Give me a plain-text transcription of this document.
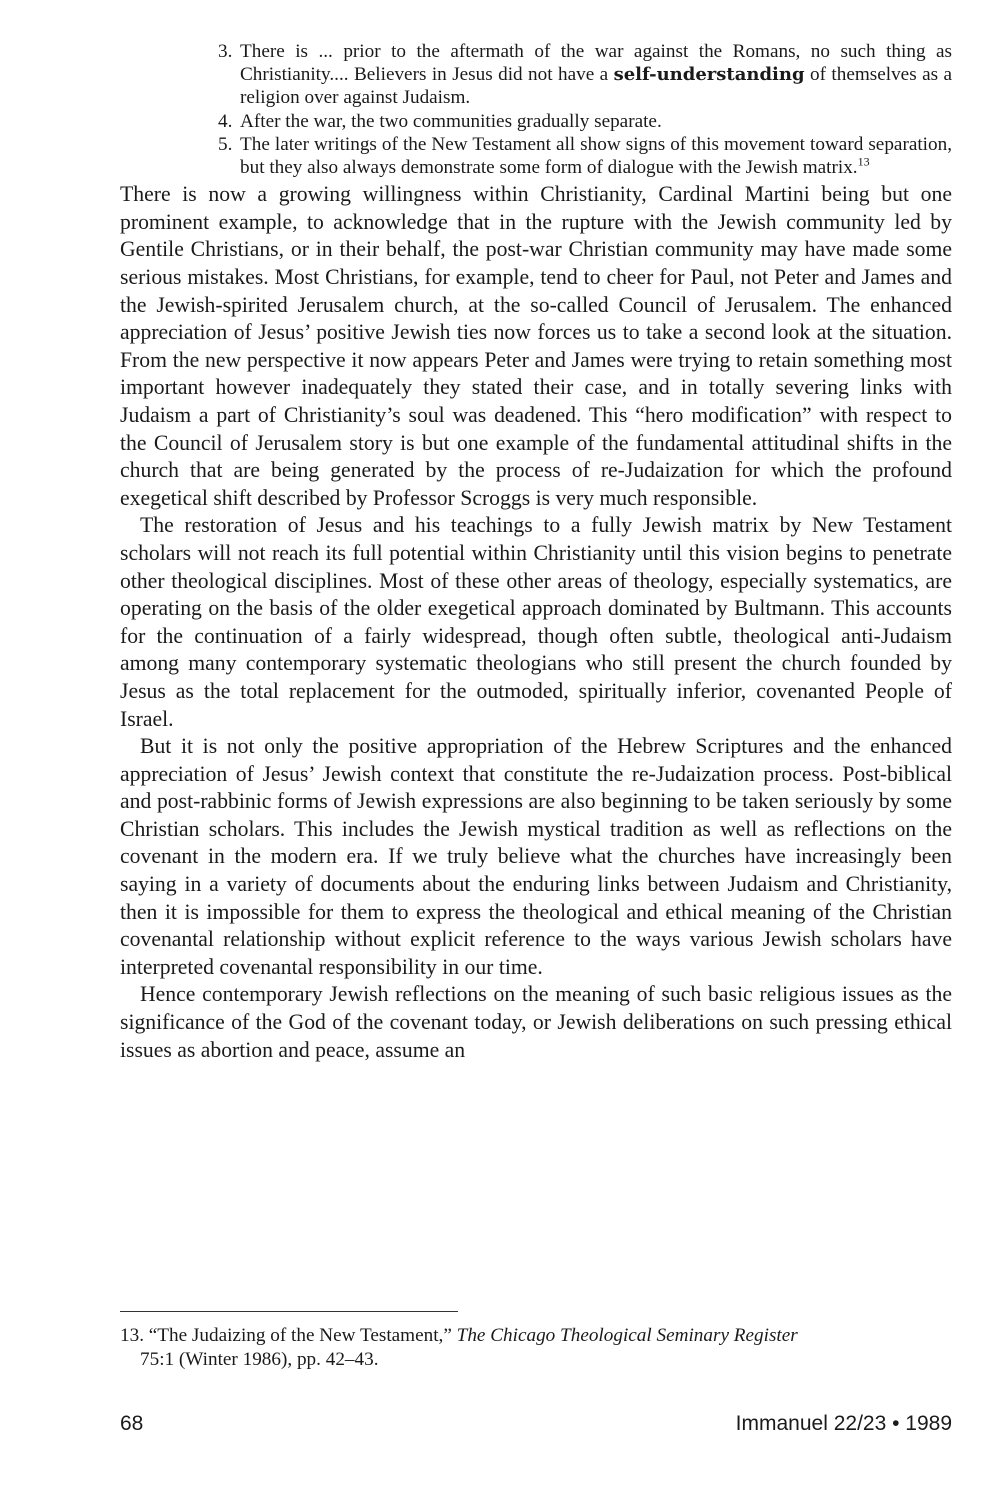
3. There is ... prior to the aftermath of the war against the Romans, no such thing as Christianity.... Believers in Jesus did not have a self-understanding of themselves as a religion over against Judaism.
4. After the war, the two communities gradually separate.
5. The later writings of the New Testament all show signs of this movement toward separation, but they also always demonstrate some form of dialogue with the Jewish matrix.$^{13}$

There is now a growing willingness within Christianity, Cardinal Martini being but one prominent example, to acknowledge that in the rupture with the Jewish community led by Gentile Christians, or in their behalf, the post-war Christian community may have made some serious mistakes. Most Christians, for example, tend to cheer for Paul, not Peter and James and the Jewish-spirited Jerusalem church, at the so-called Council of Jerusalem. The enhanced appreciation of Jesus’ positive Jewish ties now forces us to take a second look at the situation. From the new perspective it now appears Peter and James were trying to retain something most important however inadequately they stated their case, and in totally severing links with Judaism a part of Christianity’s soul was deadened. This “hero modification” with respect to the Council of Jerusalem story is but one example of the fundamental attitudinal shifts in the church that are being generated by the process of re-Judaization for which the profound exegetical shift described by Professor Scroggs is very much responsible.

The restoration of Jesus and his teachings to a fully Jewish matrix by New Testament scholars will not reach its full potential within Christianity until this vision begins to penetrate other theological disciplines. Most of these other areas of theology, especially systematics, are operating on the basis of the older exegetical approach dominated by Bultmann. This accounts for the continuation of a fairly widespread, though often subtle, theological anti-Judaism among many contemporary systematic theologians who still present the church founded by Jesus as the total replacement for the outmoded, spiritually inferior, covenanted People of Israel.

But it is not only the positive appropriation of the Hebrew Scriptures and the enhanced appreciation of Jesus’ Jewish context that constitute the re-Judaization process. Post-biblical and post-rabbinic forms of Jewish expressions are also beginning to be taken seriously by some Christian scholars. This includes the Jewish mystical tradition as well as reflections on the covenant in the modern era. If we truly believe what the churches have increasingly been saying in a variety of documents about the enduring links between Judaism and Christianity, then it is impossible for them to express the theological and ethical meaning of the Christian covenantal relationship without explicit reference to the ways various Jewish scholars have interpreted covenantal responsibility in our time.

Hence contemporary Jewish reflections on the meaning of such basic religious issues as the significance of the God of the covenant today, or Jewish deliberations on such pressing ethical issues as abortion and peace, assume an

13. “The Judaizing of the New Testament,” The Chicago Theological Seminary Register
75:1 (Winter 1986), pp. 42–43.
68	Immanuel 22/23 • 1989
